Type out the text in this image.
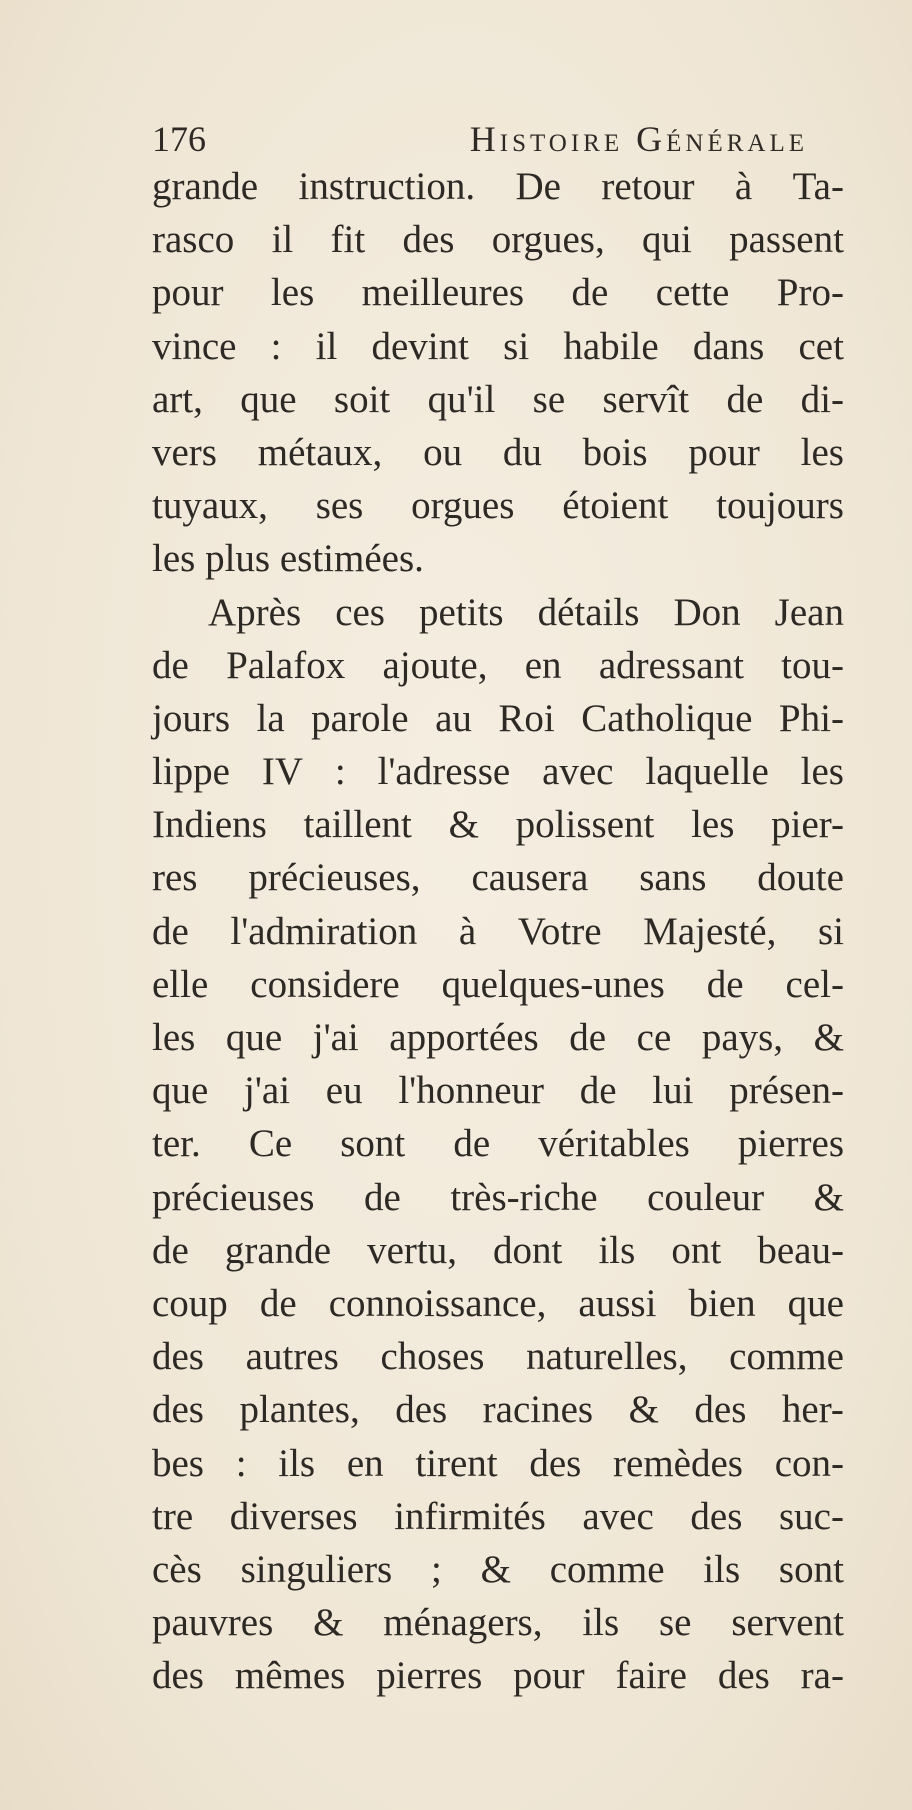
176	Histoire Générale
grande instruction. De retour à Ta-
rasco il fit des orgues, qui passent
pour les meilleures de cette Pro-
vince : il devint si habile dans cet
art, que soit qu'il se servît de di-
vers métaux, ou du bois pour les
tuyaux, ses orgues étoient toujours
les plus estimées.
Après ces petits détails Don Jean
de Palafox ajoute, en adressant tou-
jours la parole au Roi Catholique Phi-
lippe IV : l'adresse avec laquelle les
Indiens taillent & polissent les pier-
res précieuses, causera sans doute
de l'admiration à Votre Majesté, si
elle considere quelques-unes de cel-
les que j'ai apportées de ce pays, &
que j'ai eu l'honneur de lui présen-
ter. Ce sont de véritables pierres
précieuses de très-riche couleur &
de grande vertu, dont ils ont beau-
coup de connoissance, aussi bien que
des autres choses naturelles, comme
des plantes, des racines & des her-
bes : ils en tirent des remèdes con-
tre diverses infirmités avec des suc-
cès singuliers ; & comme ils sont
pauvres & ménagers, ils se servent
des mêmes pierres pour faire des ra-
